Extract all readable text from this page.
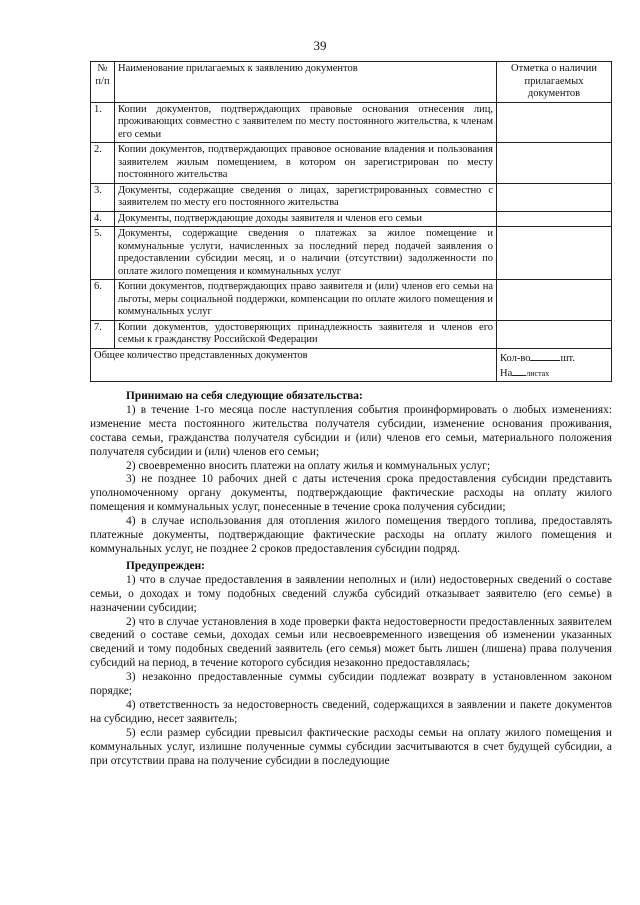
39
№ п/п	Наименование прилагаемых к заявлению документов	Отметка о наличии прилагаемых документов
1.	Копии документов, подтверждающих правовые основания отнесения лиц, проживающих совместно с заявителем по месту постоянного жительства, к членам его семьи	
2.	Копии документов, подтверждающих правовое основание владения и пользования заявителем жилым помещением, в котором он зарегистрирован по месту постоянного жительства	
3.	Документы, содержащие сведения о лицах, зарегистрированных совместно с заявителем по месту его постоянного жительства	
4.	Документы, подтверждающие доходы заявителя и членов его семьи	
5.	Документы, содержащие сведения о платежах за жилое помещение и коммунальные услуги, начисленных за последний перед подачей заявления о предоставлении субсидии месяц, и о наличии (отсутствии) задолженности по оплате жилого помещения и коммунальных услуг	
6.	Копии документов, подтверждающих право заявителя и (или) членов его семьи на льготы, меры социальной поддержки, компенсации по оплате жилого помещения и коммунальных услуг	
7.	Копии документов, удостоверяющих принадлежность заявителя и членов его семьи к гражданству Российской Федерации	
Общее количество представленных документов		Кол-во шт.
На листах
Принимаю на себя следующие обязательства:

1) в течение 1-го месяца после наступления события проинформировать о любых изменениях: изменение места постоянного жительства получателя субсидии, изменение основания проживания, состава семьи, гражданства получателя субсидии и (или) членов его семьи, материального положения получателя субсидии и (или) членов его семьи;

2) своевременно вносить платежи на оплату жилья и коммунальных услуг;

3) не позднее 10 рабочих дней с даты истечения срока предоставления субсидии представить уполномоченному органу документы, подтверждающие фактические расходы на оплату жилого помещения и коммунальных услуг, понесенные в течение срока получения субсидии;

4) в случае использования для отопления жилого помещения твердого топлива, предоставлять платежные документы, подтверждающие фактические расходы на оплату жилого помещения и коммунальных услуг, не позднее 2 сроков предоставления субсидии подряд.

Предупрежден:

1) что в случае предоставления в заявлении неполных и (или) недостоверных сведений о составе семьи, о доходах и тому подобных сведений служба субсидий отказывает заявителю (его семье) в назначении субсидии;

2) что в случае установления в ходе проверки факта недостоверности предоставленных заявителем сведений о составе семьи, доходах семьи или несвоевременного извещения об изменении указанных сведений и тому подобных сведений заявитель (его семья) может быть лишен (лишена) права получения субсидий на период, в течение которого субсидия незаконно предоставлялась;

3) незаконно предоставленные суммы субсидии подлежат возврату в установленном законом порядке;

4) ответственность за недостоверность сведений, содержащихся в заявлении и пакете документов на субсидию, несет заявитель;

5) если размер субсидии превысил фактические расходы семьи на оплату жилого помещения и коммунальных услуг, излишне полученные суммы субсидии засчитываются в счет будущей субсидии, а при отсутствии права на получение субсидии в последующие
